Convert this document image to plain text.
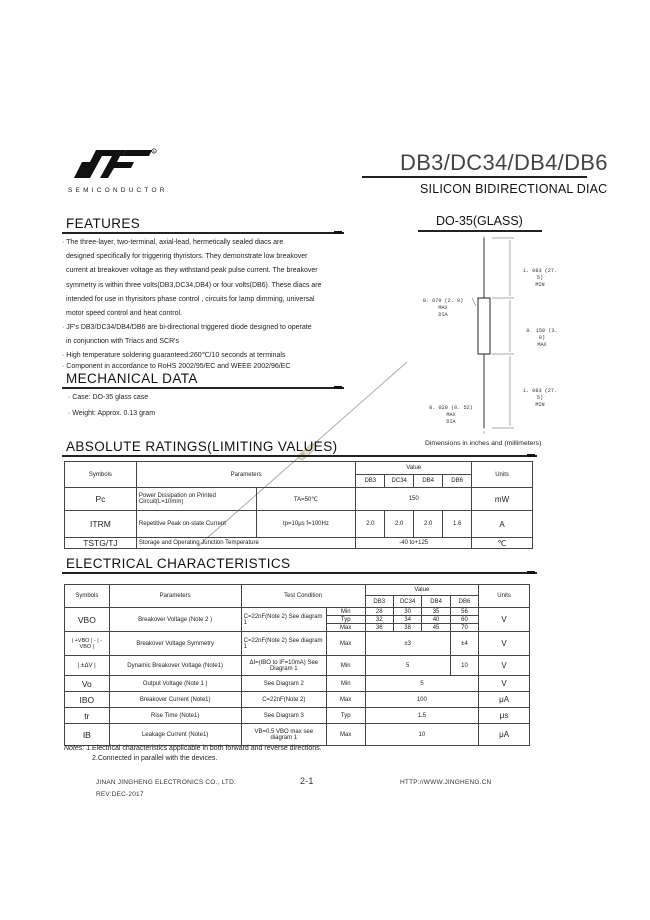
R
SEMICONDUCTOR
DB3/DC34/DB4/DB6
SILICON BIDIRECTIONAL DIAC
FEATURES

· The three-layer, two-terminal, axial-lead, hermetically sealed diacs are

designed specifically for triggering thyristors. They demonstrate low breakover

current at breakover voltage as they withstand peak pulse current. The breakover

symmetry is within three volts(DB3,DC34,DB4) or four volts(DB6). These diacs are

intended for use in thyrisitors phase control , circuits for lamp dimming, universal

motor speed control and heat control.

· JF's DB3/DC34/DB4/DB6 are bi-directional triggered diode designed to operate

in conjunction with Triacs and SCR's

· High temperature soldering guaranteed:260℃/10 seconds at terminals

· Component in accordance to RoHS 2002/95/EC and WEEE 2002/96/EC

MECHANICAL DATA
· Case: DO-35 glass case
· Weight: Approx. 0.13 gram
DO-35(GLASS)
1. 083 (27. 5)
MIN
0. 079 (2. 0)
MAX
DIA
0. 150 (3. 8)
MAX
1. 083 (27. 5)
MIN
0. 020 (0. 52)
MAX
DIA
Dimensions in inches and (millimeters)
ABSOLUTE RATINGS(LIMITING VALUES)
Symbols	Parameters		Value				Units
			DB3	DC34	DB4	DB6	
Pc	Power Dissipation on Printed Circuit(L=10mm)	TA=50℃	150				mW
ITRM	Repetitive Peak on-state Current	tp=10μs f=100Hz	2.0	2.0	2.0	1.6	A
TSTG/TJ	Storage and Operating Junction Temperature		-40 to+125				℃
ELECTRICAL CHARACTERISTICS
Symbols	Parameters	Test Condition		Value				Units
				DB3	DC34	DB4	DB6	
VBO	Breakover Voltage (Note 2 )	C=22nF(Note 2) See diagram 1	Min	28	30	35	56	V
			Typ	32	34	40	60	
			Max	36	38	45	70	
| +VBO | - | -VBO |	Breakover Voltage Symmetry	C=22nF(Note 2) See diagram 1	Max	±3			±4	V
| ±ΔV |	Dynamic Breakover Voltage (Note1)	ΔI=(IBO to IF=10mA) See Diagram 1	Min	5			10	V
Vo	Output Voltage (Note 1 )	See Diagram 2	Min	5				V
IBO	Breakover Current (Note1)	C=22nF(Note 2)	Max	100				μA
tr	Rise Time (Note1)	See Diagram 3	Typ	1.5				μs
IB	Leakage Current (Note1)	VB=0.5 VBO max see diagram 1	Max	10				μA
Notes: 1.Electrical characteristics applicable in both forward and reverse directions.
2.Connected in parallel with the devices.
JINAN JINGHENG ELECTRONICS CO., LTD.	2-1	HTTP://WWW.JINGHENG.CN
REV:DEC-2017
